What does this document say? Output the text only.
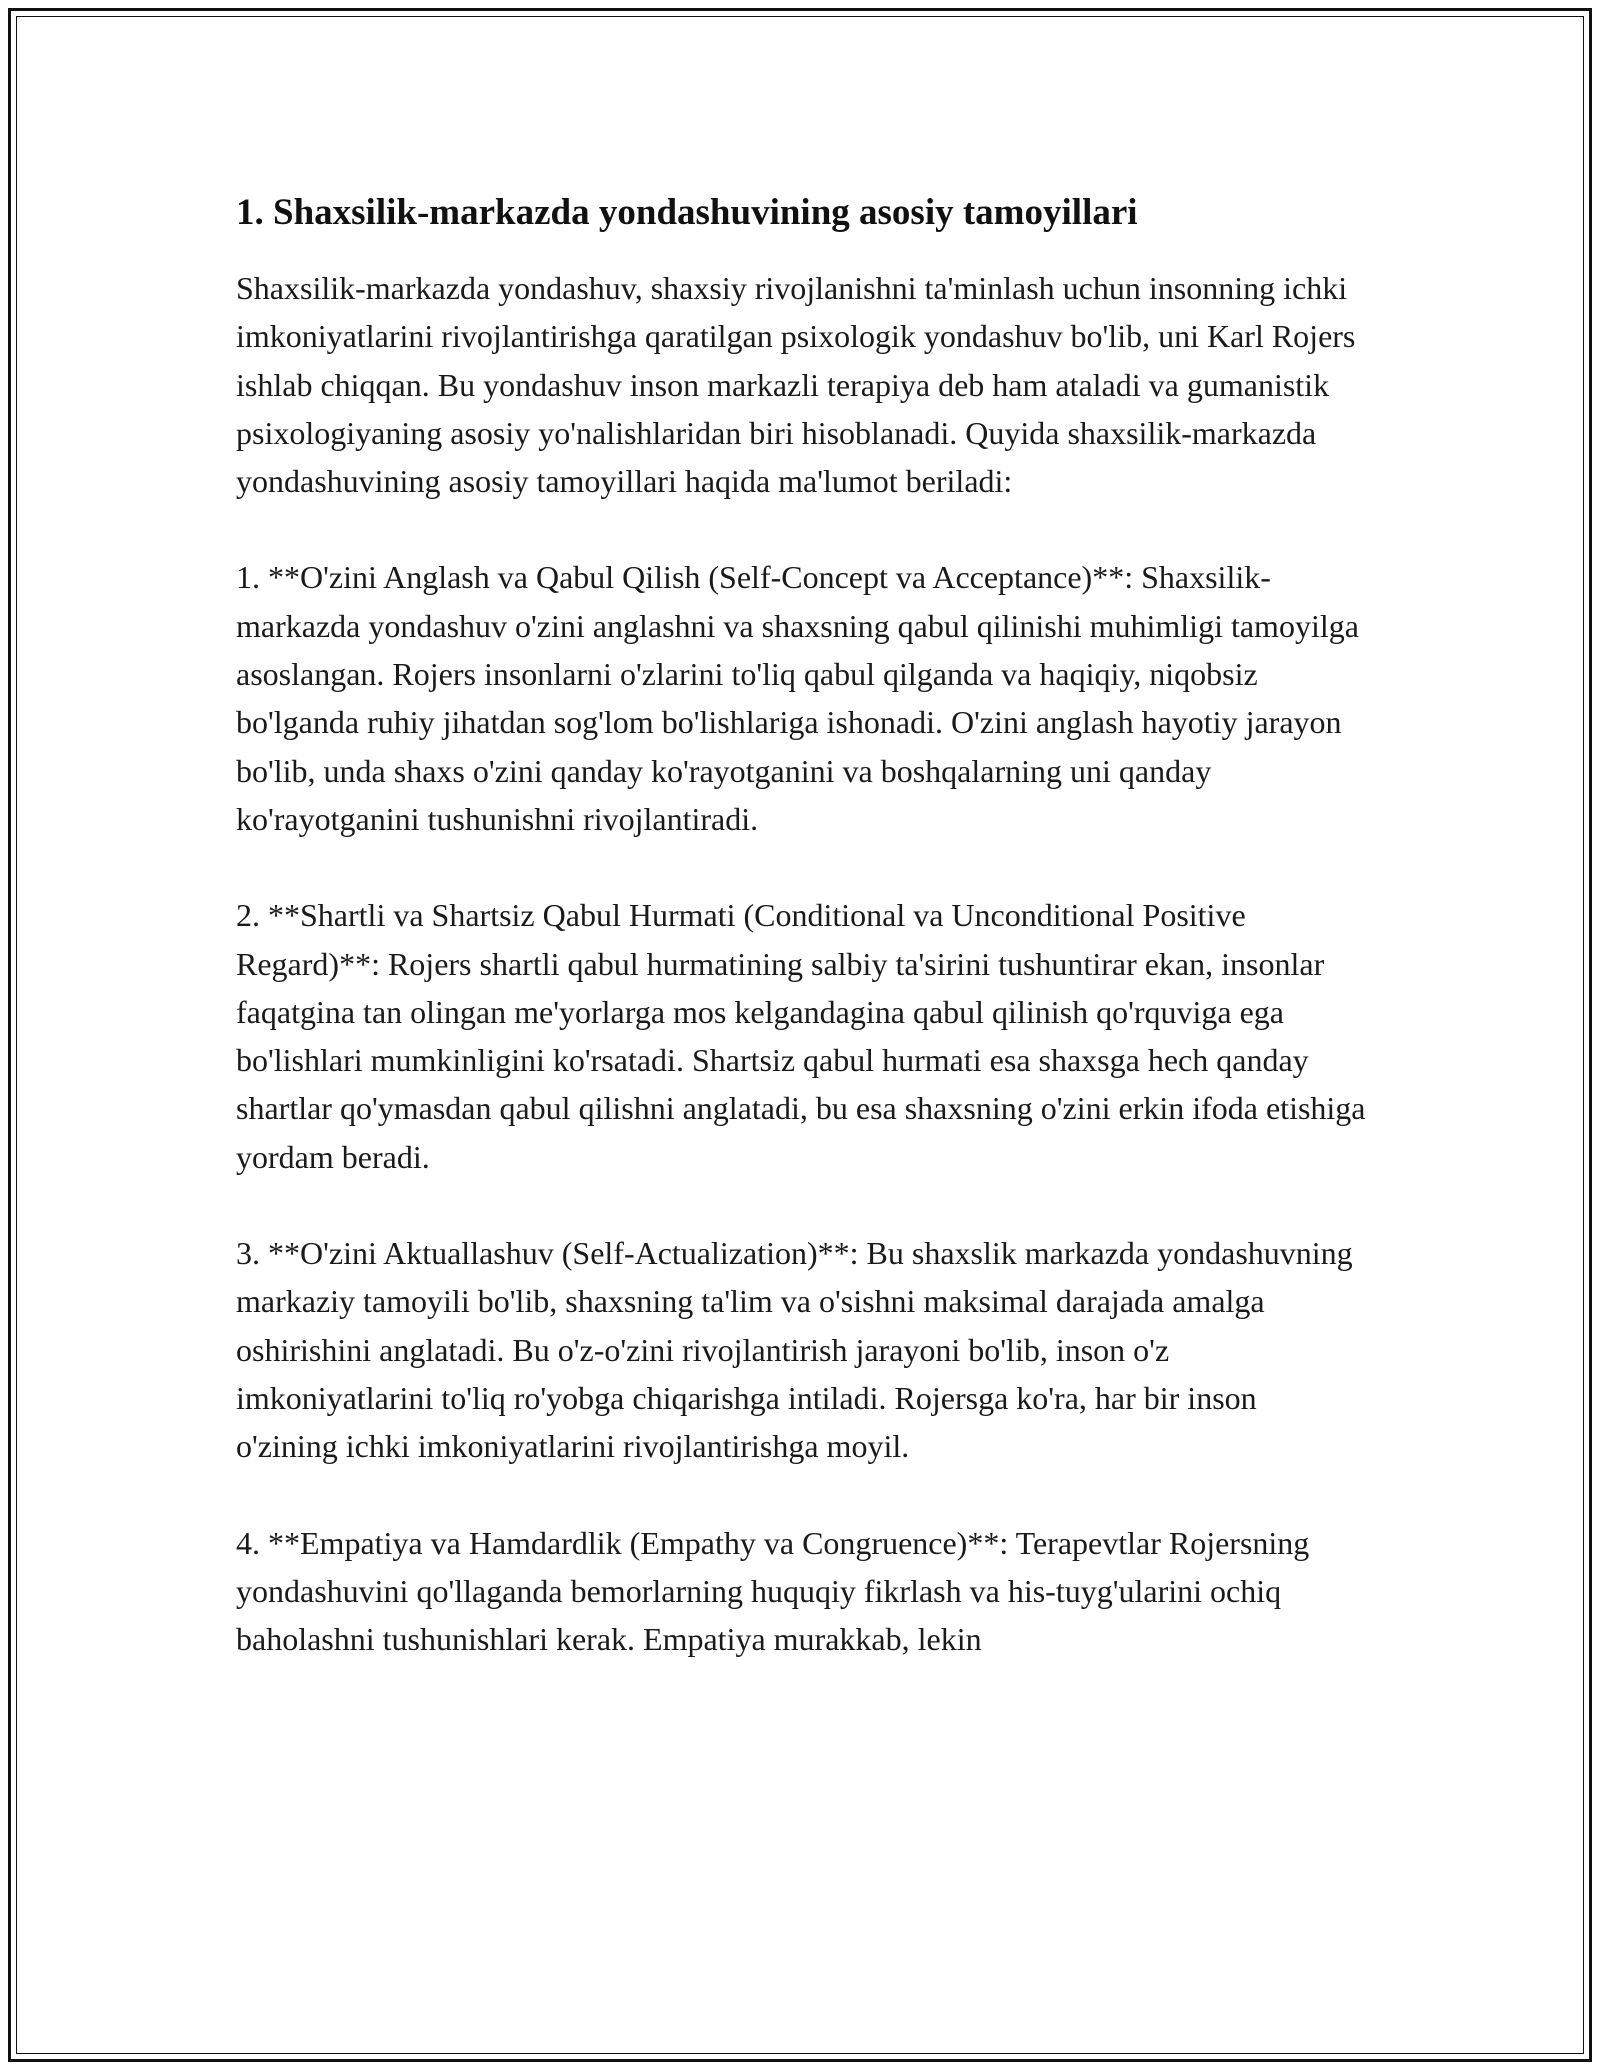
1. Shaxsilik-markazda yondashuvining asosiy tamoyillari

Shaxsilik-markazda yondashuv, shaxsiy rivojlanishni ta'minlash uchun insonning ichki imkoniyatlarini rivojlantirishga qaratilgan psixologik yondashuv bo'lib, uni Karl Rojers ishlab chiqqan. Bu yondashuv inson markazli terapiya deb ham ataladi va gumanistik psixologiyaning asosiy yo'nalishlaridan biri hisoblanadi. Quyida shaxsilik-markazda yondashuvining asosiy tamoyillari haqida ma'lumot beriladi:

1. **O'zini Anglash va Qabul Qilish (Self-Concept va Acceptance)**: Shaxsilik-markazda yondashuv o'zini anglashni va shaxsning qabul qilinishi muhimligi tamoyilga asoslangan. Rojers insonlarni o'zlarini to'liq qabul qilganda va haqiqiy, niqobsiz bo'lganda ruhiy jihatdan sog'lom bo'lishlariga ishonadi. O'zini anglash hayotiy jarayon bo'lib, unda shaxs o'zini qanday ko'rayotganini va boshqalarning uni qanday ko'rayotganini tushunishni rivojlantiradi.

2. **Shartli va Shartsiz Qabul Hurmati (Conditional va Unconditional Positive Regard)**: Rojers shartli qabul hurmatining salbiy ta'sirini tushuntirar ekan, insonlar faqatgina tan olingan me'yorlarga mos kelgandagina qabul qilinish qo'rquviga ega bo'lishlari mumkinligini ko'rsatadi. Shartsiz qabul hurmati esa shaxsga hech qanday shartlar qo'ymasdan qabul qilishni anglatadi, bu esa shaxsning o'zini erkin ifoda etishiga yordam beradi.

3. **O'zini Aktuallashuv (Self-Actualization)**: Bu shaxslik markazda yondashuvning markaziy tamoyili bo'lib, shaxsning ta'lim va o'sishni maksimal darajada amalga oshirishini anglatadi. Bu o'z-o'zini rivojlantirish jarayoni bo'lib, inson o'z imkoniyatlarini to'liq ro'yobga chiqarishga intiladi. Rojersga ko'ra, har bir inson o'zining ichki imkoniyatlarini rivojlantirishga moyil.

4. **Empatiya va Hamdardlik (Empathy va Congruence)**: Terapevtlar Rojersning yondashuvini qo'llaganda bemorlarning huquqiy fikrlash va his-tuyg'ularini ochiq baholashni tushunishlari kerak. Empatiya murakkab, lekin
